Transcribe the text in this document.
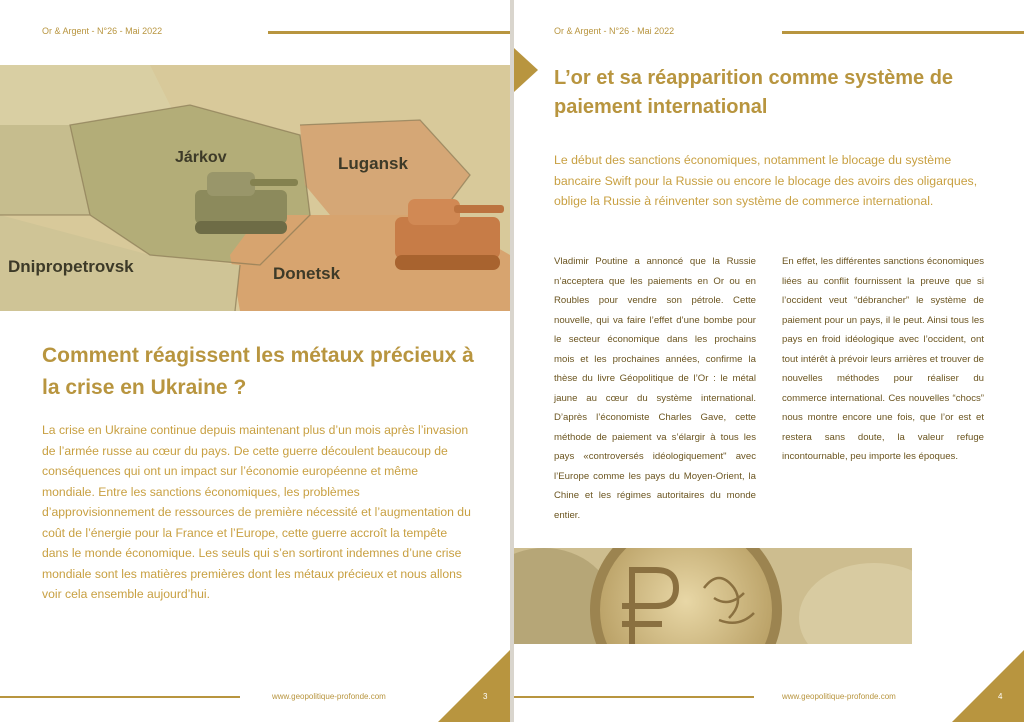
Or & Argent - N°26 - Mai 2022
Járkov	Lugansk
Dnipropetrovsk	Donetsk
Comment réagissent les métaux précieux à la crise en Ukraine ?

La crise en Ukraine continue depuis maintenant plus d’un mois après l’invasion de l’armée russe au cœur du pays. De cette guerre découlent beaucoup de conséquences qui ont un impact sur l’économie européenne et même mondiale. Entre les sanctions économiques, les problèmes d’approvisionnement de ressources de première nécessité et l’augmentation du coût de l’énergie pour la France et l’Europe, cette guerre accroît la tempête dans le monde économique. Les seuls qui s’en sortiront indemnes d’une crise mondiale sont les matières premières dont les métaux précieux et nous allons voir cela ensemble aujourd’hui.

www.geopolitique-profonde.com	3
Or & Argent - N°26 - Mai 2022
L’or et sa réapparition comme système de paiement international

Le début des sanctions économiques, notamment le blocage du système bancaire Swift pour la Russie ou encore le blocage des avoirs des oligarques, oblige la Russie à réinventer son système de commerce international.

Vladimir Poutine a annoncé que la Russie n’acceptera que les paiements en Or ou en Roubles pour vendre son pétrole. Cette nouvelle, qui va faire l’effet d’une bombe pour le secteur économique dans les prochains mois et les prochaines années, confirme la thèse du livre Géopolitique de l’Or : le métal jaune au cœur du système international. D’après l’économiste Charles Gave, cette méthode de paiement va s’élargir à tous les pays «controversés idéologiquement" avec l’Europe comme les pays du Moyen-Orient, la Chine et les régimes autoritaires du monde entier.

En effet, les différentes sanctions économiques liées au conflit fournissent la preuve que si l’occident veut “débrancher” le système de paiement pour un pays, il le peut. Ainsi tous les pays en froid idéologique avec l’occident, ont tout intérêt à prévoir leurs arrières et trouver de nouvelles méthodes pour réaliser du commerce international. Ces nouvelles “chocs” nous montre encore une fois, que l’or est et restera sans doute, la valeur refuge incontournable, peu importe les époques.

www.geopolitique-profonde.com	4
